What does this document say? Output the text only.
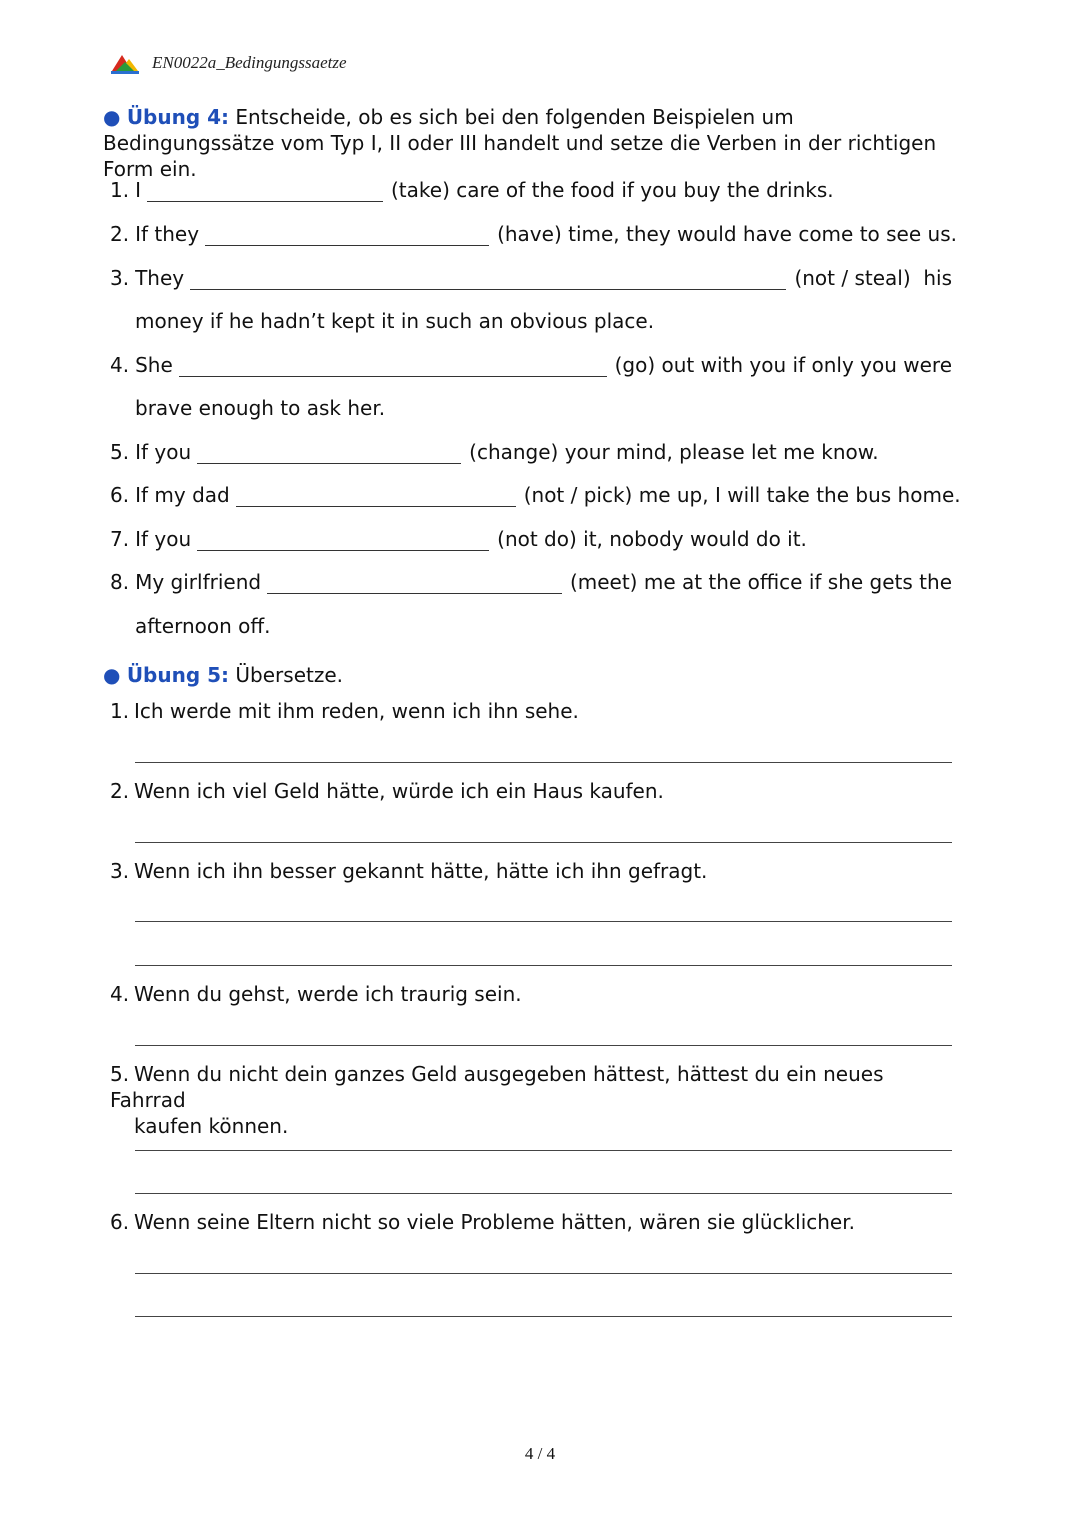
EN0022a_Bedingungssaetze
● Übung 4: Entscheide, ob es sich bei den folgenden Beispielen um Bedingungssätze vom Typ I, II oder III handelt und setze die Verben in der richtigen Form ein.
1. I	(take) care of the food if you buy the drinks.
2. If they	(have) time, they would have come to see us.
3. They	(not / steal)  his
money if he hadn’t kept it in such an obvious place.
4. She	(go) out with you if only you were
brave enough to ask her.
5. If you	(change) your mind, please let me know.
6. If my dad	(not / pick) me up, I will take the bus home.
7. If you	(not do) it, nobody would do it.
8. My girlfriend	(meet) me at the office if she gets the
afternoon off.
● Übung 5: Übersetze.
1. Ich werde mit ihm reden, wenn ich ihn sehe.
2. Wenn ich viel Geld hätte, würde ich ein Haus kaufen.
3. Wenn ich ihn besser gekannt hätte, hätte ich ihn gefragt.
4. Wenn du gehst, werde ich traurig sein.
5. Wenn du nicht dein ganzes Geld ausgegeben hättest, hättest du ein neues Fahrrad
kaufen können.
6. Wenn seine Eltern nicht so viele Probleme hätten, wären sie glücklicher.
4 / 4
